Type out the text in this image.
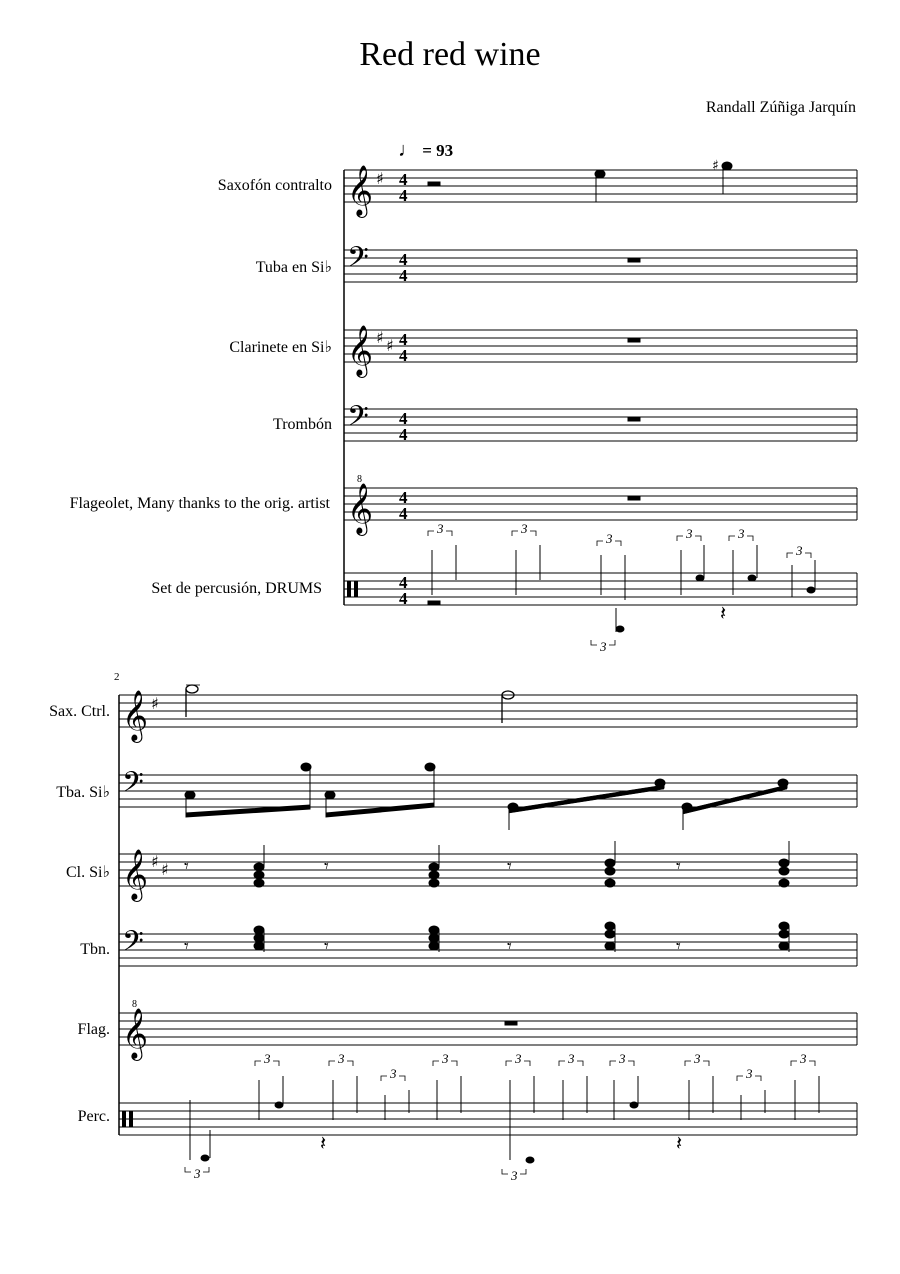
Red red wine
Randall Zúñiga Jarquín
♩ = 93
Saxofón contralto
Tuba en Si♭
Clarinete en Si♭
Trombón
Flageolet, Many thanks to the orig. artist
Set de percusión, DRUMS
2
Sax. Ctrl.
Tba. Si♭
Cl. Si♭
Tbn.
Flag.
Perc.
𝄞 ♯
𝄢
𝄞 ♯ ♯
𝄢
𝄞
8
4
4
4
4
4
4
4
4
4
4
4
4
𝄞 ♯
𝄢
𝄞 ♯ ♯
𝄢
𝄞
8
♯
𝄽
3	3
3	3	3
3
3
𝄾	𝄾	𝄾	𝄾
𝄾	𝄾	𝄾	𝄾
3	3
3
3	3	3	3	3
3
3
3	3
𝄽	𝄽
